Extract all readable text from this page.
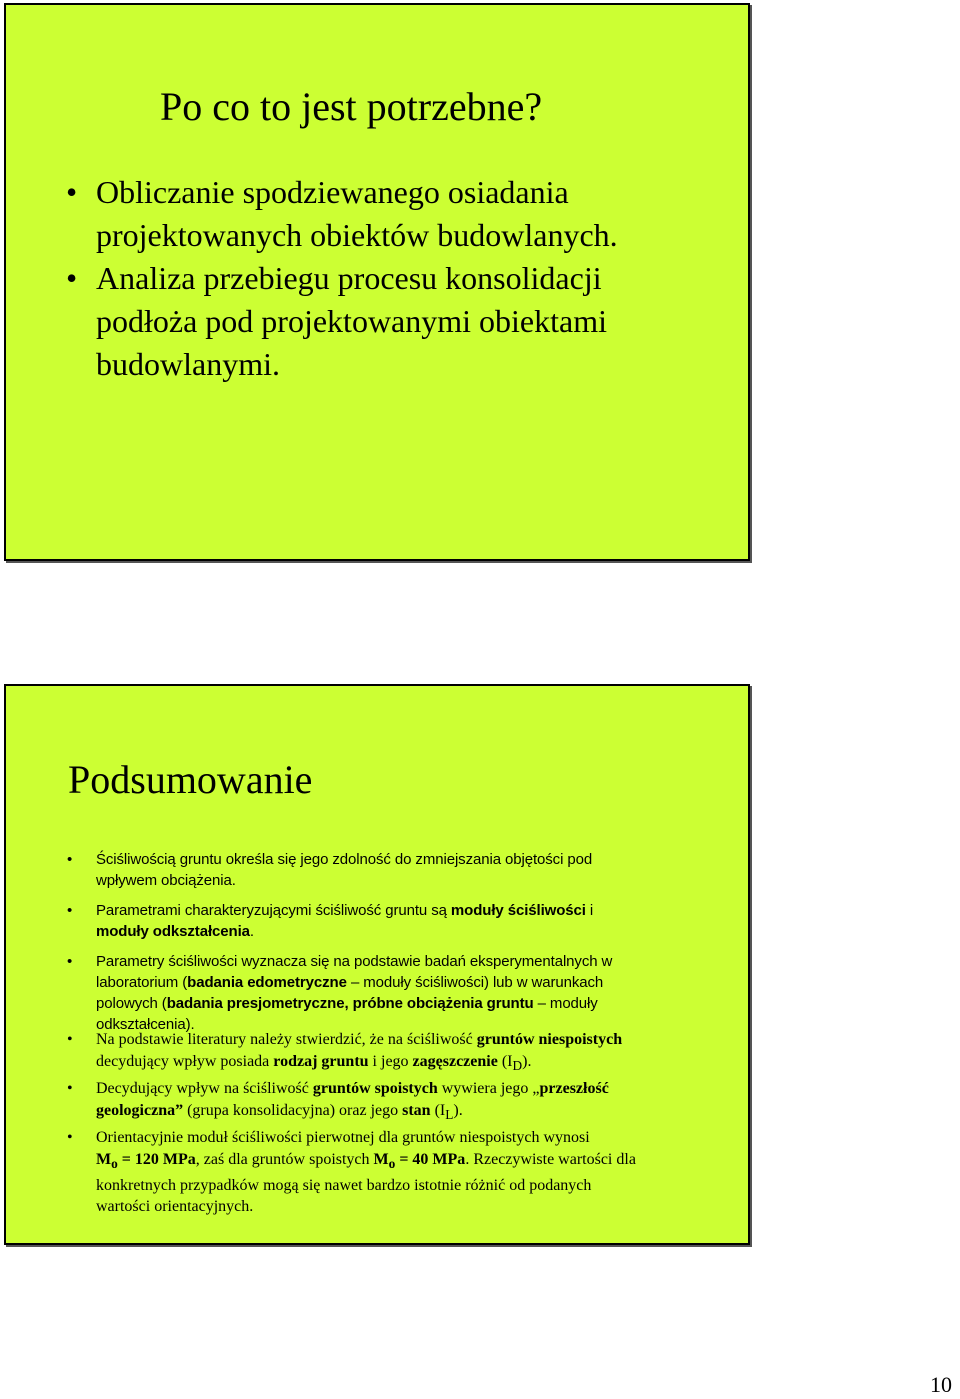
Po co to jest potrzebne?
• Obliczanie spodziewanego osiadania
projektowanych obiektów budowlanych.
• Analiza przebiegu procesu konsolidacji
podłoża pod projektowanymi obiektami
budowlanymi.
Podsumowanie
• Ściśliwością gruntu określa się jego zdolność do zmniejszania objętości pod
wpływem obciążenia.
• Parametrami charakteryzującymi ściśliwość gruntu są moduły ściśliwości i
moduły odkształcenia.
• Parametry ściśliwości wyznacza się na podstawie badań eksperymentalnych w
laboratorium (badania edometryczne – moduły ściśliwości) lub w warunkach
polowych (badania presjometryczne, próbne obciążenia gruntu – moduły
odkształcenia).
• Na podstawie literatury należy stwierdzić, że na ściśliwość gruntów niespoistych
decydujący wpływ posiada rodzaj gruntu i jego zagęszczenie $(I_D)$.
• Decydujący wpływ na ściśliwość gruntów spoistych wywiera jego „przeszłość
geologiczna” (grupa konsolidacyjna) oraz jego stan $(I_L)$.
• Orientacyjnie moduł ściśliwości pierwotnej dla gruntów niespoistych wynosi
$M_o = 120$ MPa, zaś dla gruntów spoistych $M_o = 40$ MPa. Rzeczywiste wartości dla
konkretnych przypadków mogą się nawet bardzo istotnie różnić od podanych
wartości orientacyjnych.
10
